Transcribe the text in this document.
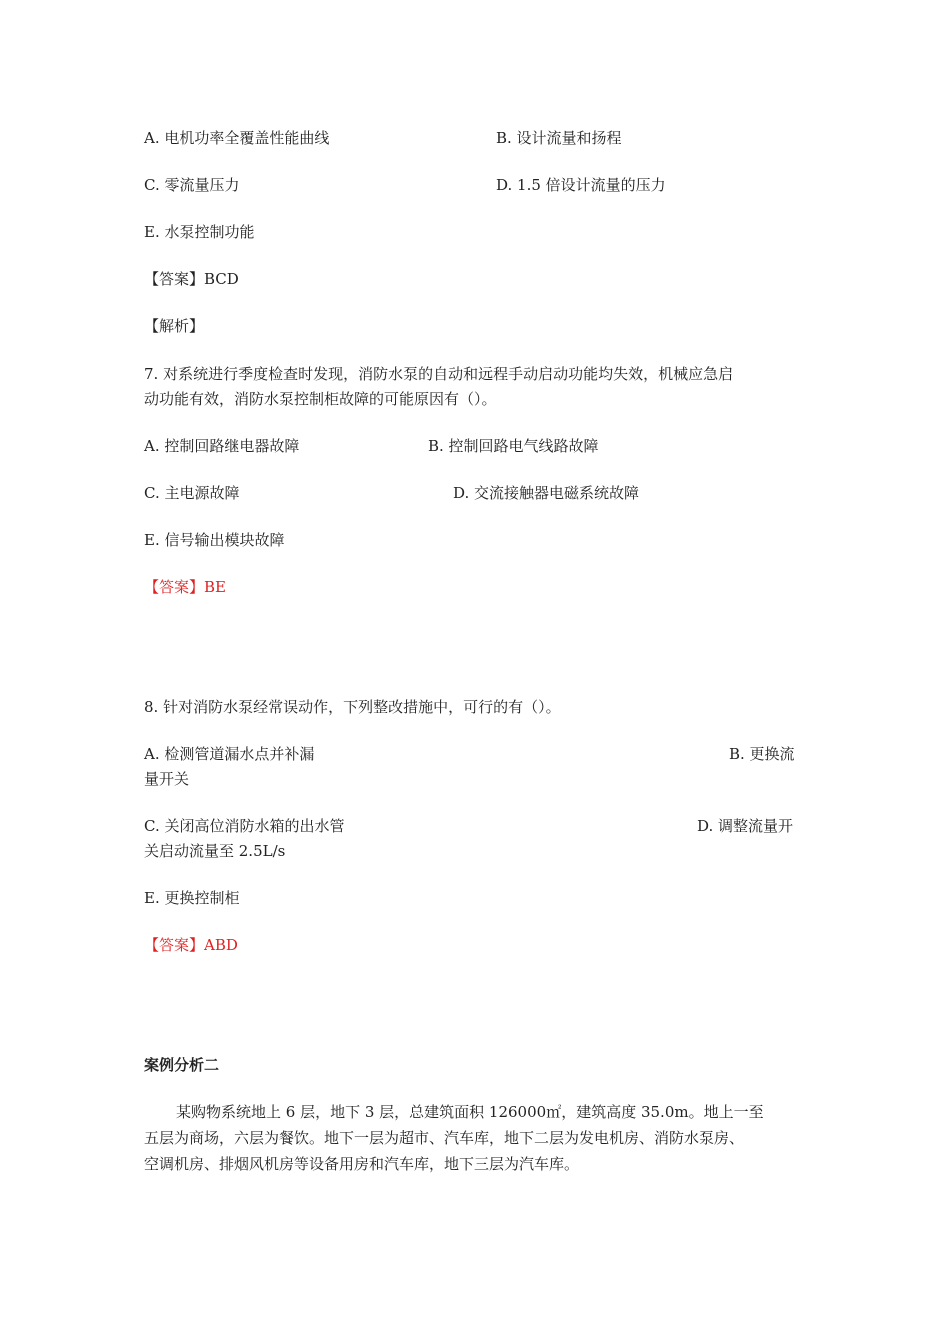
A. 电机功率全覆盖性能曲线	B. 设计流量和扬程
C. 零流量压力	D. 1.5 倍设计流量的压力
E. 水泵控制功能
【答案】BCD
【解析】
7. 对系统进行季度检查时发现，消防水泵的自动和远程手动启动功能均失效，机械应急启
动功能有效，消防水泵控制柜故障的可能原因有（）。
A. 控制回路继电器故障	B. 控制回路电气线路故障
C. 主电源故障	D. 交流接触器电磁系统故障
E. 信号输出模块故障
【答案】BE
8. 针对消防水泵经常误动作，下列整改措施中，可行的有（）。
A. 检测管道漏水点并补漏	B. 更换流
量开关
C. 关闭高位消防水箱的出水管	D. 调整流量开
关启动流量至 2.5L/s
E. 更换控制柜
【答案】ABD
案例分析二
某购物系统地上 6 层，地下 3 层，总建筑面积 126000㎡，建筑高度 35.0m。地上一至
五层为商场，六层为餐饮。地下一层为超市、汽车库，地下二层为发电机房、消防水泵房、
空调机房、排烟风机房等设备用房和汽车库，地下三层为汽车库。
